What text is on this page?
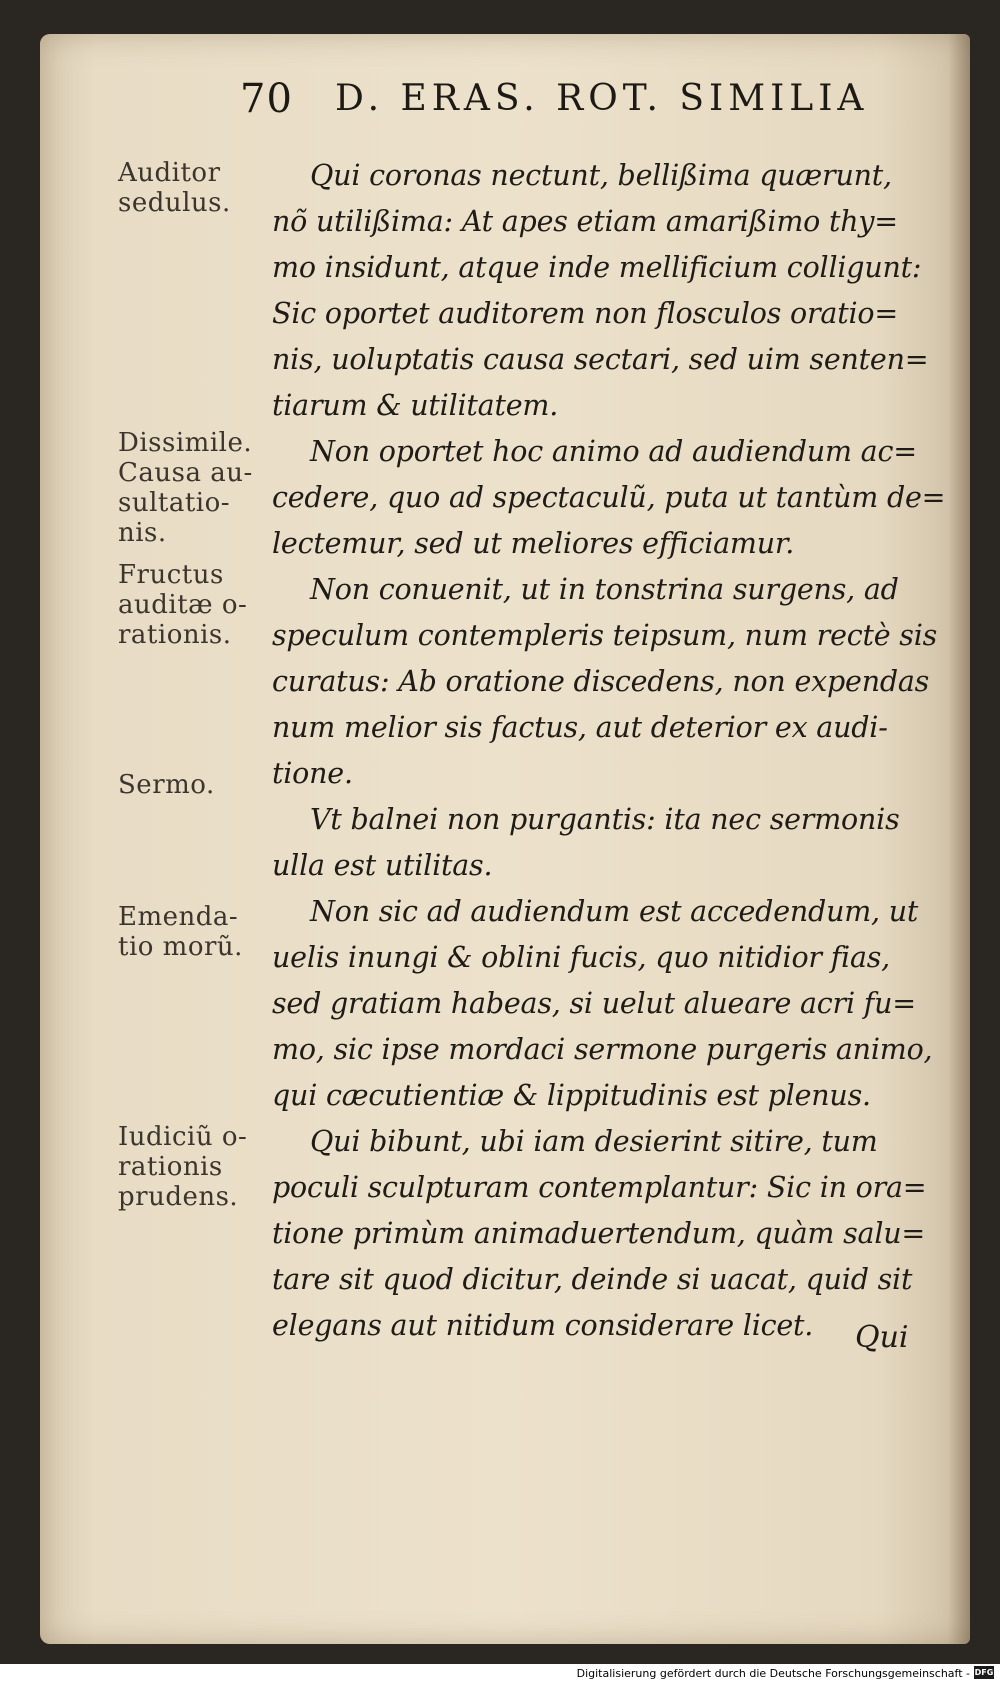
70 D. ERAS. ROT. SIMILIA
Auditor
sedulus.
Dissimile.
Causa au-
sultatio-
nis.
Fructus
auditæ o-
rationis.
Sermo.
Emenda-
tio morũ.
Iudiciũ o-
rationis
prudens.
Qui coronas nectunt, bellißima quærunt,
nõ utilißima: At apes etiam amarißimo thy=
mo insidunt, atque inde mellificium colligunt:
Sic oportet auditorem non flosculos oratio=
nis, uoluptatis causa sectari, sed uim senten=
tiarum & utilitatem.
Non oportet hoc animo ad audiendum ac=
cedere, quo ad spectaculũ, puta ut tantùm de=
lectemur, sed ut meliores efficiamur.
Non conuenit, ut in tonstrina surgens, ad
speculum contempleris teipsum, num rectè sis
curatus: Ab oratione discedens, non expendas
num melior sis factus, aut deterior ex audi-
tione.
Vt balnei non purgantis: ita nec sermonis
ulla est utilitas.
Non sic ad audiendum est accedendum, ut
uelis inungi & oblini fucis, quo nitidior fias,
sed gratiam habeas, si uelut alueare acri fu=
mo, sic ipse mordaci sermone purgeris animo,
qui cæcutientiæ & lippitudinis est plenus.
Qui bibunt, ubi iam desierint sitire, tum
poculi sculpturam contemplantur: Sic in ora=
tione primùm animaduertendum, quàm salu=
tare sit quod dicitur, deinde si uacat, quid sit
elegans aut nitidum considerare licet. Qui
Digitalisierung gefördert durch die Deutsche Forschungsgemeinschaft - DFG
